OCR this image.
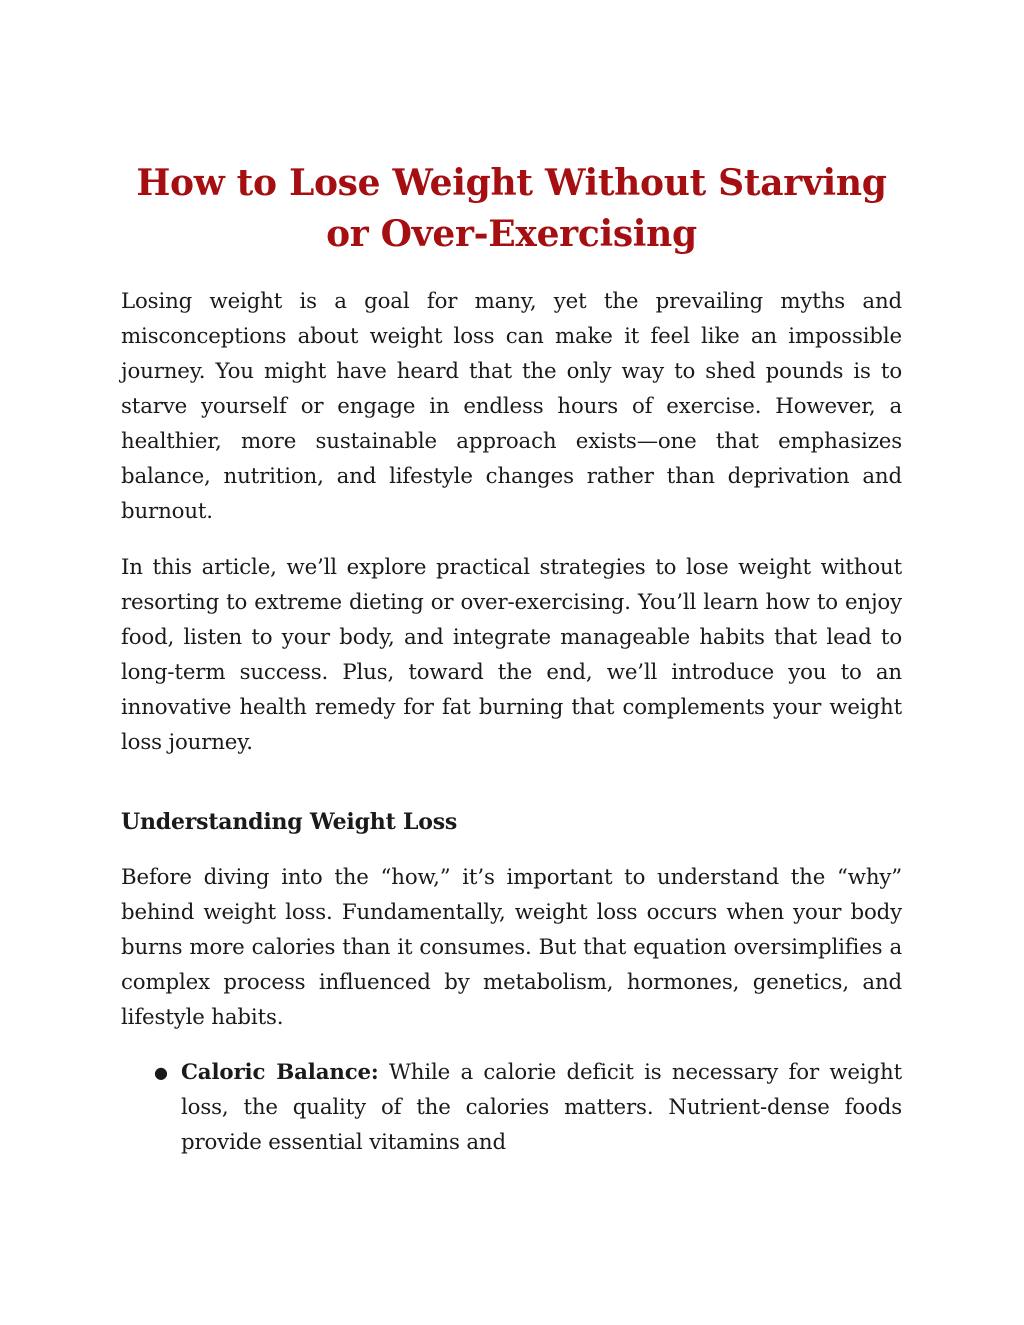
How to Lose Weight Without Starving or Over-Exercising

Losing weight is a goal for many, yet the prevailing myths and misconceptions about weight loss can make it feel like an impossible journey. You might have heard that the only way to shed pounds is to starve yourself or engage in endless hours of exercise. However, a healthier, more sustainable approach exists—one that emphasizes balance, nutrition, and lifestyle changes rather than deprivation and burnout.

In this article, we’ll explore practical strategies to lose weight without resorting to extreme dieting or over-exercising. You’ll learn how to enjoy food, listen to your body, and integrate manageable habits that lead to long-term success. Plus, toward the end, we’ll introduce you to an innovative health remedy for fat burning that complements your weight loss journey.

Understanding Weight Loss

Before diving into the “how,” it’s important to understand the “why” behind weight loss. Fundamentally, weight loss occurs when your body burns more calories than it consumes. But that equation oversimplifies a complex process influenced by metabolism, hormones, genetics, and lifestyle habits.

● Caloric Balance: While a calorie deficit is necessary for weight loss, the quality of the calories matters. Nutrient-dense foods provide essential vitamins and
